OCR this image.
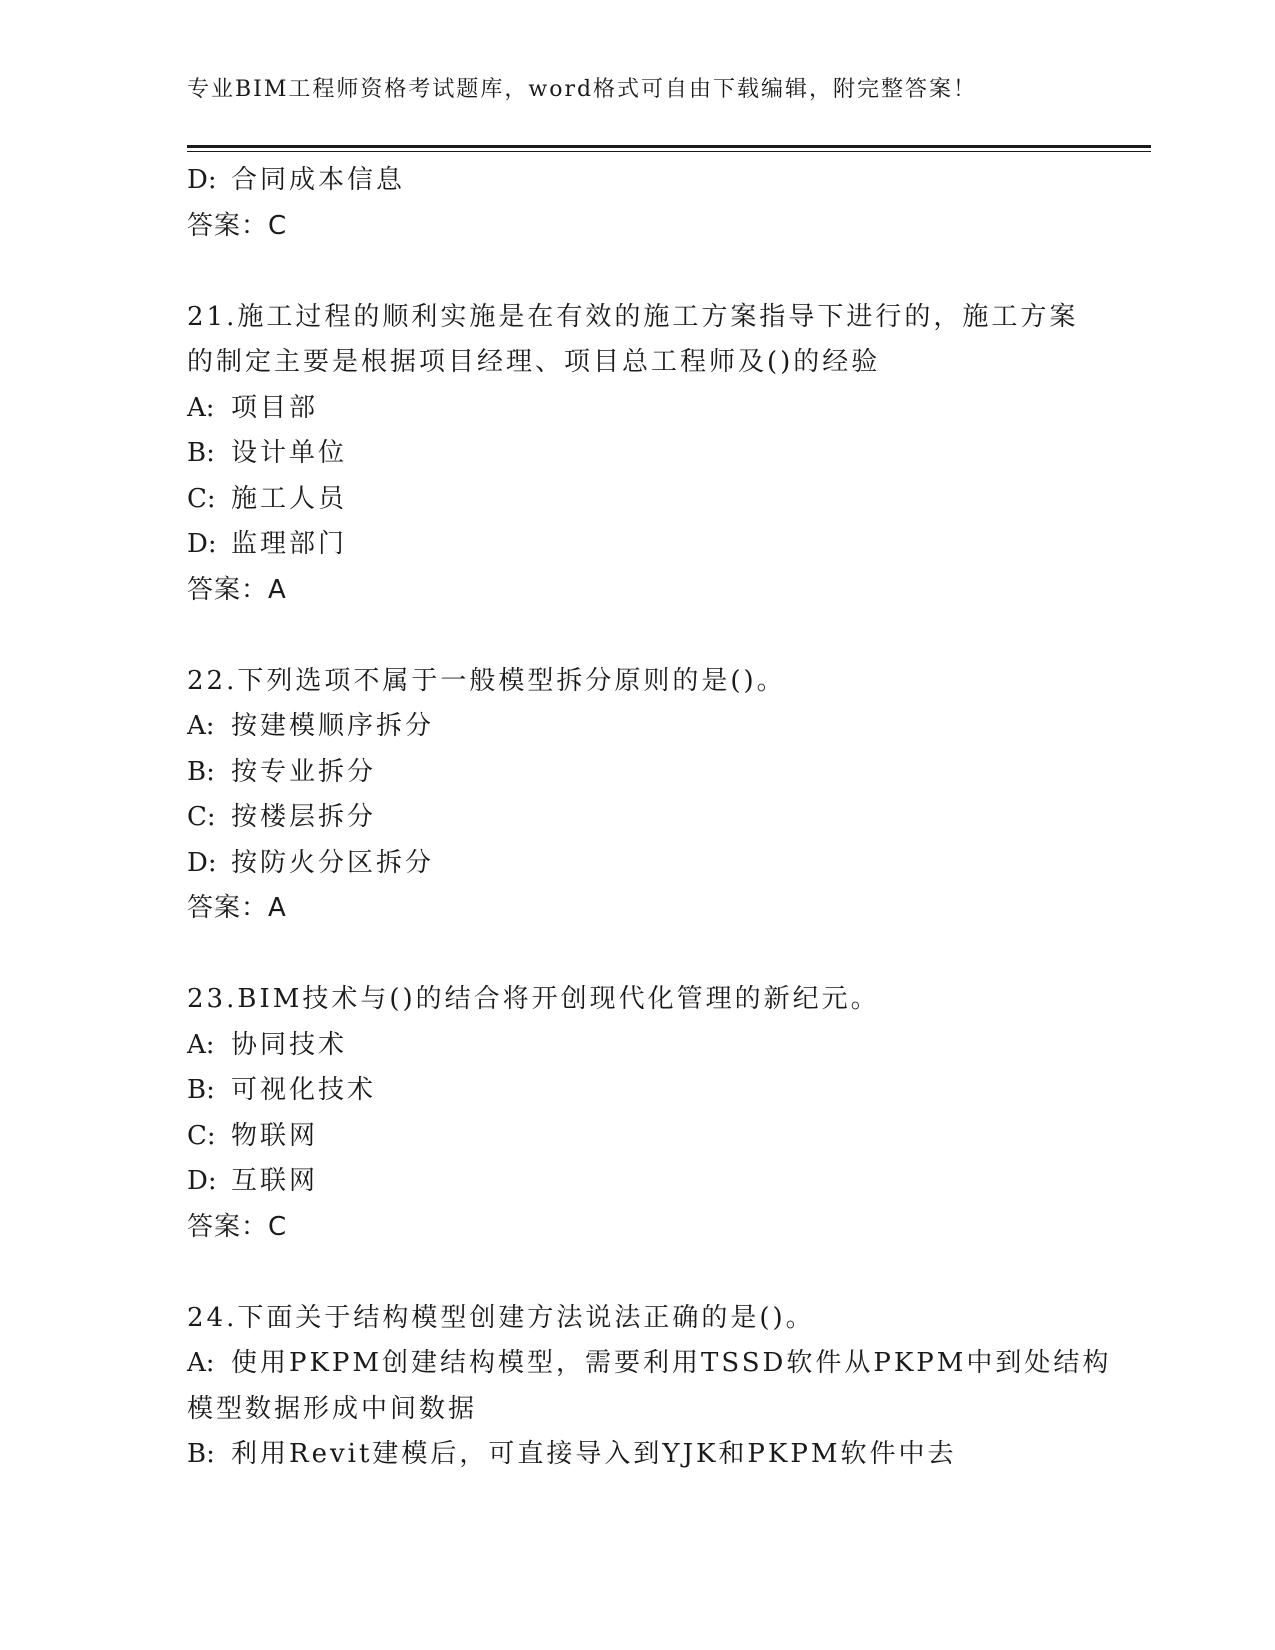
专业BIM工程师资格考试题库，word格式可自由下载编辑，附完整答案！
D: 合同成本信息
答案：C
21.施工过程的顺利实施是在有效的施工方案指导下进行的，施工方案
的制定主要是根据项目经理、项目总工程师及()的经验
A: 项目部
B: 设计单位
C: 施工人员
D: 监理部门
答案：A
22.下列选项不属于一般模型拆分原则的是()。
A: 按建模顺序拆分
B: 按专业拆分
C: 按楼层拆分
D: 按防火分区拆分
答案：A
23.BIM技术与()的结合将开创现代化管理的新纪元。
A: 协同技术
B: 可视化技术
C: 物联网
D: 互联网
答案：C
24.下面关于结构模型创建方法说法正确的是()。
A: 使用PKPM创建结构模型，需要利用TSSD软件从PKPM中到处结构
模型数据形成中间数据
B: 利用Revit建模后，可直接导入到YJK和PKPM软件中去
